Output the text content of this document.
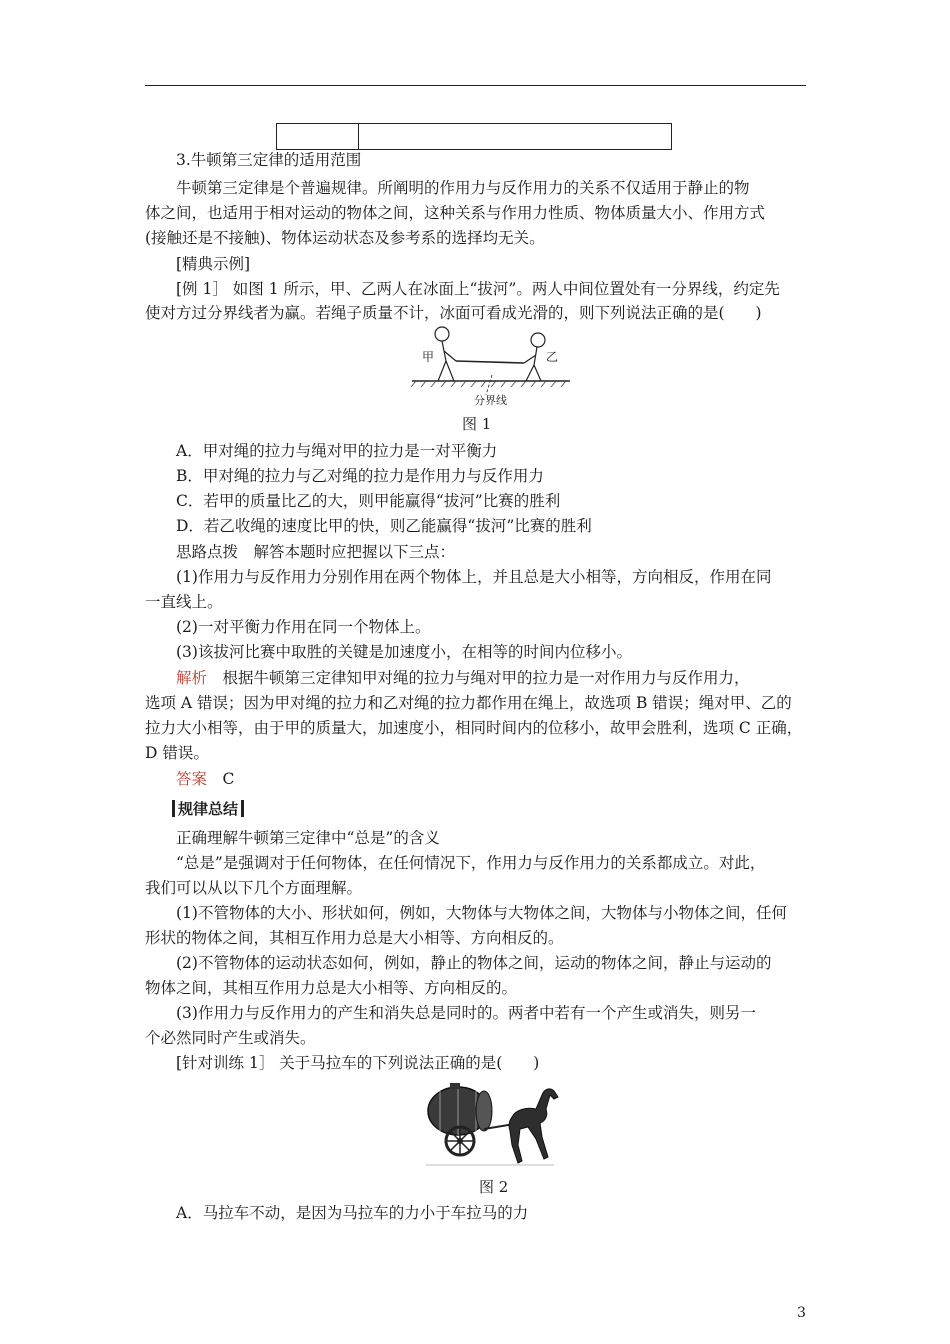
3.牛顿第三定律的适用范围
牛顿第三定律是个普遍规律。所阐明的作用力与反作用力的关系不仅适用于静止的物
体之间，也适用于相对运动的物体之间，这种关系与作用力性质、物体质量大小、作用方式
(接触还是不接触)、物体运动状态及参考系的选择均无关。
[精典示例]
[例 1］ 如图 1 所示，甲、乙两人在冰面上“拔河”。两人中间位置处有一分界线，约定先
使对方过分界线者为赢。若绳子质量不计，冰面可看成光滑的，则下列说法正确的是(　　)
甲	乙
分界线
图 1
A．甲对绳的拉力与绳对甲的拉力是一对平衡力
B．甲对绳的拉力与乙对绳的拉力是作用力与反作用力
C．若甲的质量比乙的大，则甲能赢得“拔河”比赛的胜利
D．若乙收绳的速度比甲的快，则乙能赢得“拔河”比赛的胜利
思路点拨　解答本题时应把握以下三点：
(1)作用力与反作用力分别作用在两个物体上，并且总是大小相等，方向相反，作用在同
一直线上。
(2)一对平衡力作用在同一个物体上。
(3)该拔河比赛中取胜的关键是加速度小，在相等的时间内位移小。
解析　根据牛顿第三定律知甲对绳的拉力与绳对甲的拉力是一对作用力与反作用力，
选项 A 错误；因为甲对绳的拉力和乙对绳的拉力都作用在绳上，故选项 B 错误；绳对甲、乙的
拉力大小相等，由于甲的质量大，加速度小，相同时间内的位移小，故甲会胜利，选项 C 正确，
D 错误。
答案　C
规律总结
正确理解牛顿第三定律中“总是”的含义
“总是”是强调对于任何物体，在任何情况下，作用力与反作用力的关系都成立。对此，
我们可以从以下几个方面理解。
(1)不管物体的大小、形状如何，例如，大物体与大物体之间，大物体与小物体之间，任何
形状的物体之间，其相互作用力总是大小相等、方向相反的。
(2)不管物体的运动状态如何，例如，静止的物体之间，运动的物体之间，静止与运动的
物体之间，其相互作用力总是大小相等、方向相反的。
(3)作用力与反作用力的产生和消失总是同时的。两者中若有一个产生或消失，则另一
个必然同时产生或消失。
[针对训练 1］ 关于马拉车的下列说法正确的是(　　)
图 2
A．马拉车不动，是因为马拉车的力小于车拉马的力
3
